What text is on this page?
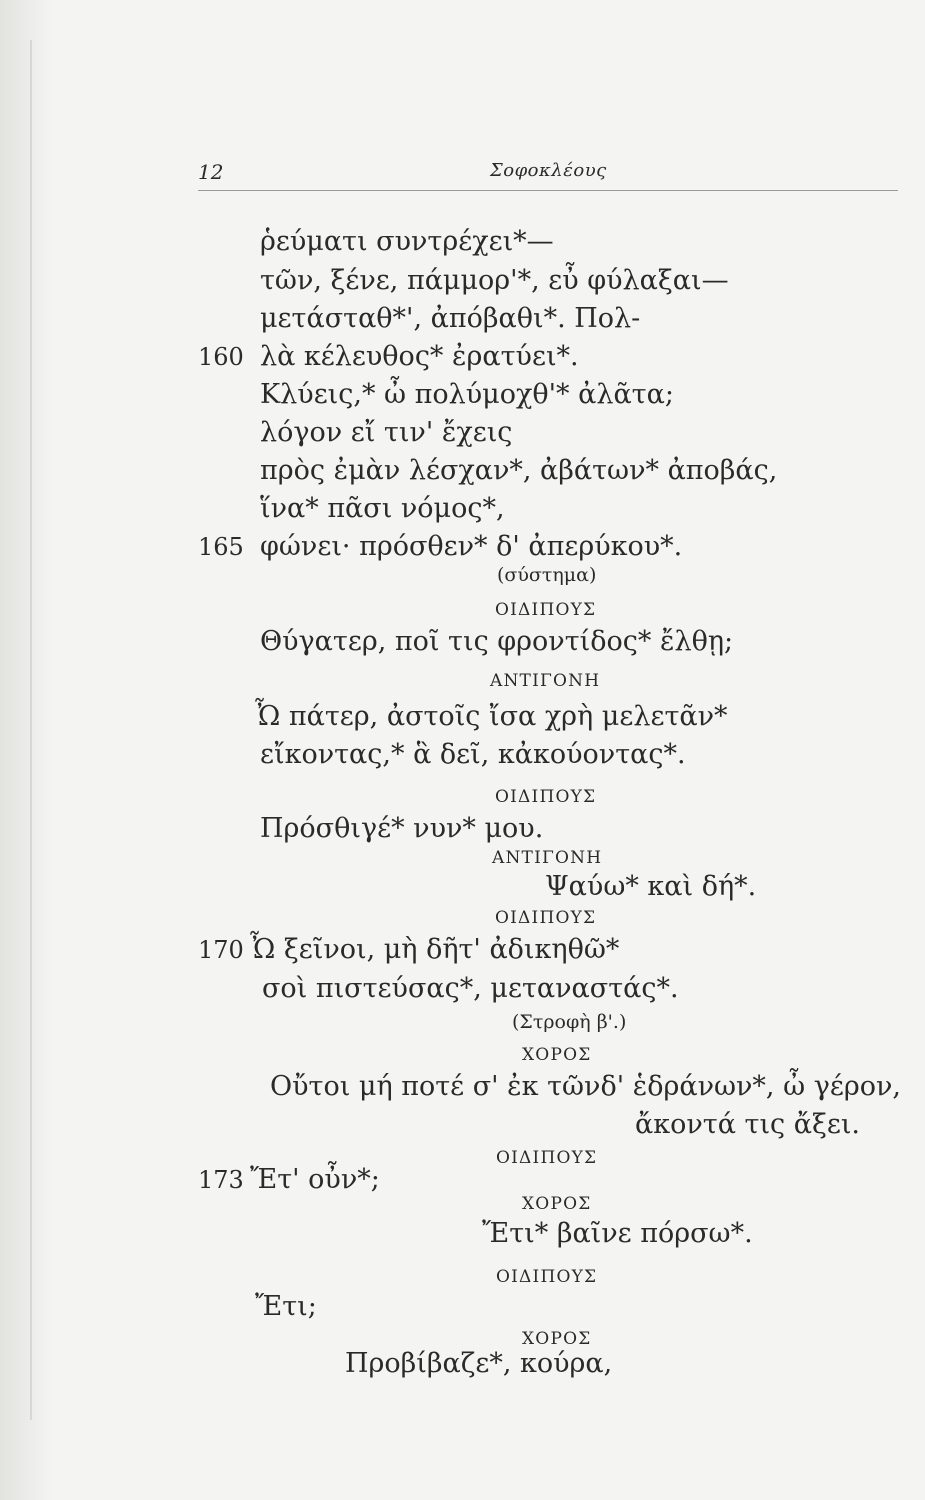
12	Σοφοκλέους
ῥεύματι συντρέχει*—
τῶν, ξένε, πάμμορ'*, εὖ φύλαξαι—
μετάσταθ*', ἀπόβαθι*. Πολ-
160 λὰ κέλευθος* ἐρατύει*.
Κλύεις,* ὦ πολύμοχθ'* ἀλᾶτα;
λόγον εἴ τιν' ἔχεις
πρὸς ἐμὰν λέσχαν*, ἀβάτων* ἀποβάς,
ἵνα* πᾶσι νόμος*,
165 φώνει· πρόσθεν* δ' ἀπερύκου*.
(σύστημα)
ΟΙΔΙΠΟΥΣ
Θύγατερ, ποῖ τις φροντίδος* ἔλθῃ;
ΑΝΤΙΓΟΝΗ
Ὦ πάτερ, ἀστοῖς ἴσα χρὴ μελετᾶν*
εἴκοντας,* ἃ δεῖ, κἀκούοντας*.
ΟΙΔΙΠΟΥΣ
Πρόσθιγέ* νυν* μου.
ΑΝΤΙΓΟΝΗ
Ψαύω* καὶ δή*.
ΟΙΔΙΠΟΥΣ
170 Ὦ ξεῖνοι, μὴ δῆτ' ἀδικηθῶ*
σοὶ πιστεύσας*, μεταναστάς*.
(Στροφὴ β'.)
ΧΟΡΟΣ
Οὔτοι μή ποτέ σ' ἐκ τῶνδ' ἑδράνων*, ὦ γέρον,
ἄκοντά τις ἄξει.
ΟΙΔΙΠΟΥΣ
173 Ἔτ' οὖν*;
ΧΟΡΟΣ
Ἔτι* βαῖνε πόρσω*.
ΟΙΔΙΠΟΥΣ
Ἔτι;
ΧΟΡΟΣ
Προβίβαζε*, κούρα,
